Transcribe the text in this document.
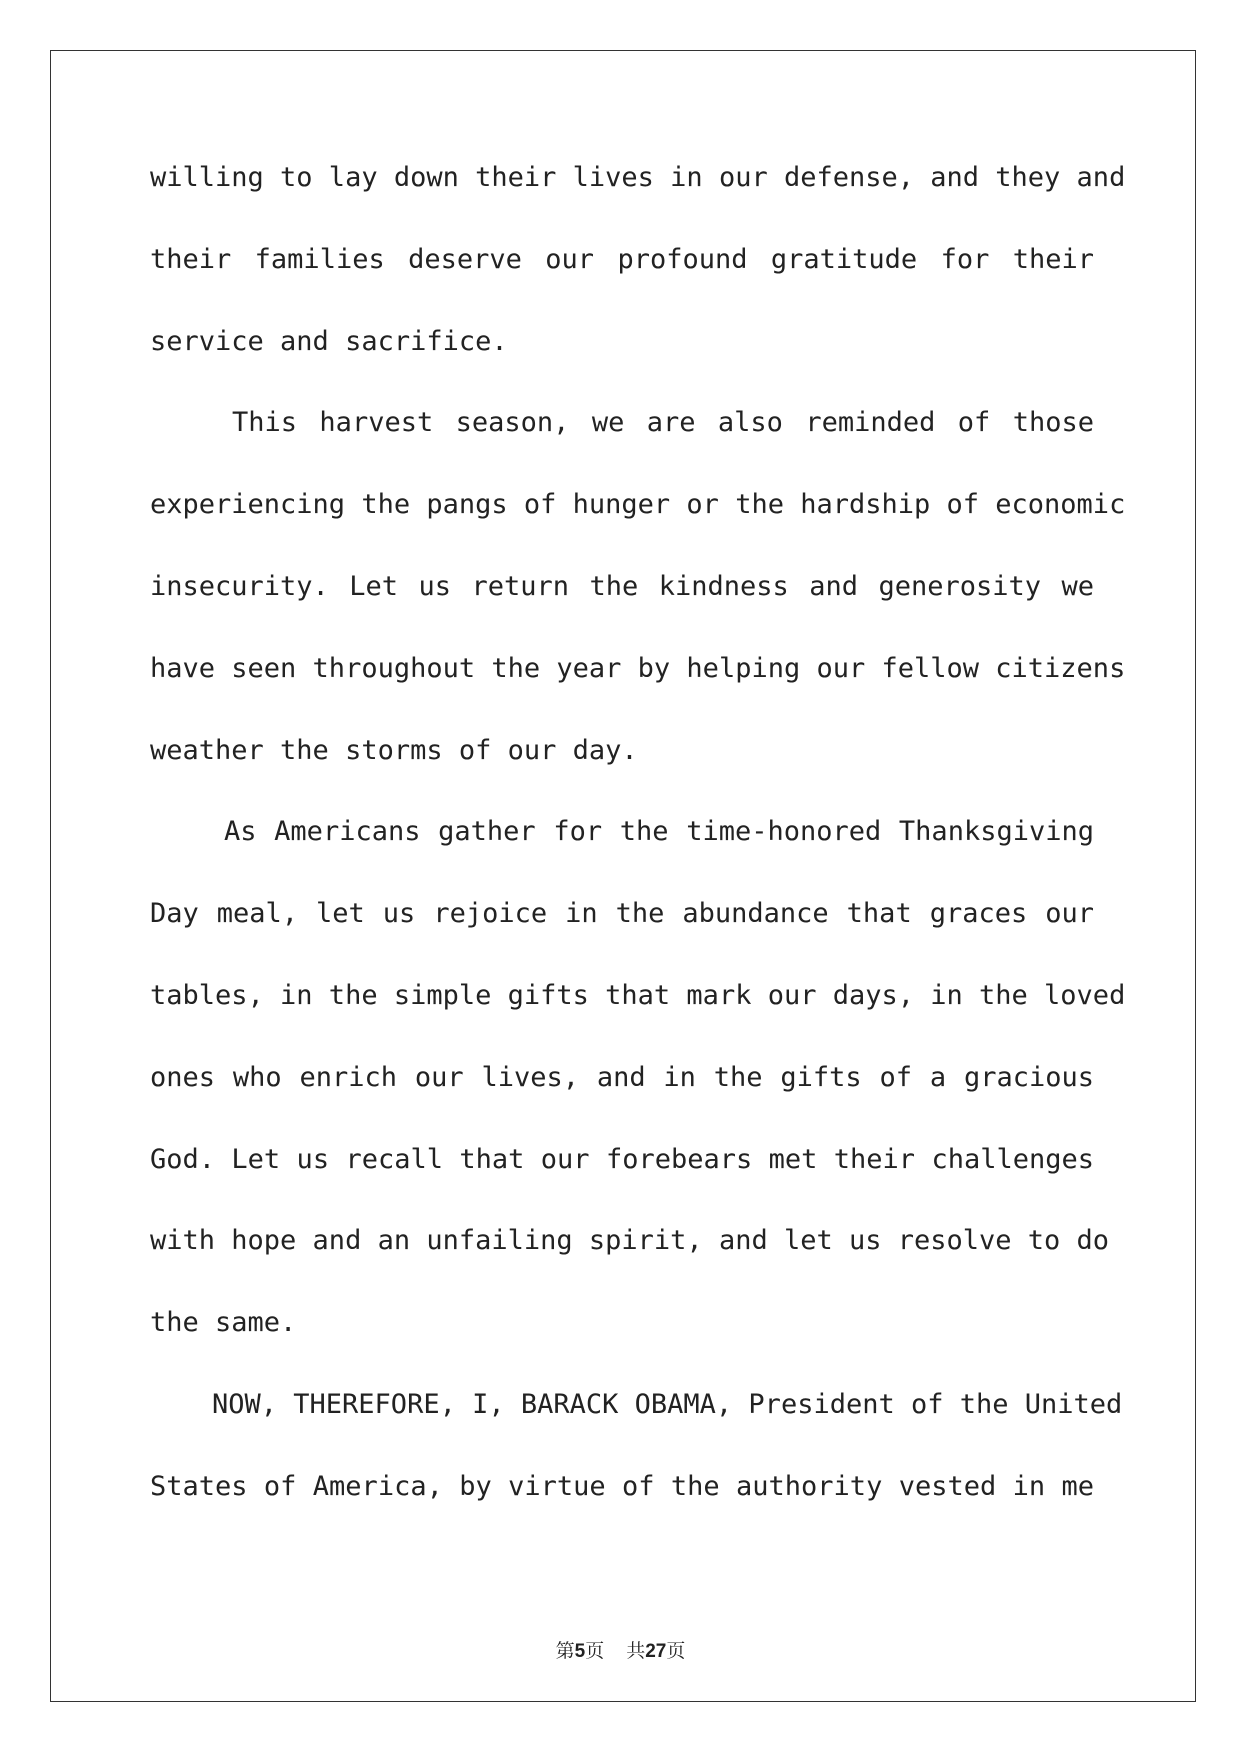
willing to lay down their lives in our defense, and they and
their families deserve our profound gratitude for their
service and sacrifice.
This harvest season, we are also reminded of those
experiencing the pangs of hunger or the hardship of economic
insecurity. Let us return the kindness and generosity we
have seen throughout the year by helping our fellow citizens
weather the storms of our day.
As Americans gather for the time-honored Thanksgiving
Day meal, let us rejoice in the abundance that graces our
tables, in the simple gifts that mark our days, in the loved
ones who enrich our lives, and in the gifts of a gracious
God. Let us recall that our forebears met their challenges
with hope and an unfailing spirit, and let us resolve to do
the same.
NOW, THEREFORE, I, BARACK OBAMA, President of the United
States of America, by virtue of the authority vested in me
第5页 共27页
